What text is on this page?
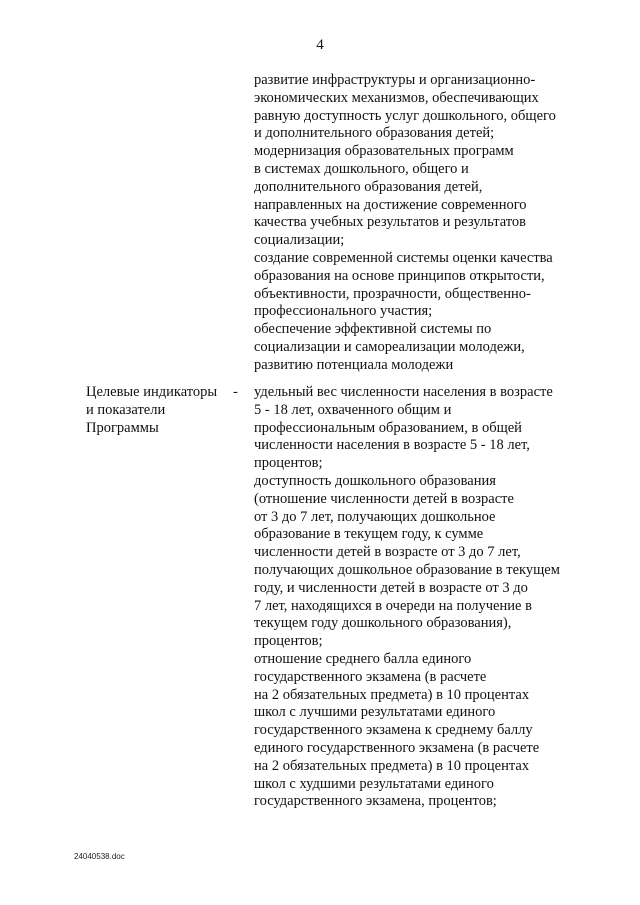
4
развитие инфраструктуры и организационно-
экономических механизмов, обеспечивающих
равную доступность услуг дошкольного, общего
и дополнительного образования детей;
модернизация образовательных программ
в системах дошкольного, общего и
дополнительного образования детей,
направленных на достижение современного
качества учебных результатов и результатов
социализации;
создание современной системы оценки качества
образования на основе принципов открытости,
объективности, прозрачности, общественно-
профессионального участия;
обеспечение эффективной системы по
социализации и самореализации молодежи,
развитию потенциала молодежи
Целевые индикаторы
и показатели
Программы
- удельный вес численности населения в возрасте
5 - 18 лет, охваченного общим и
профессиональным образованием, в общей
численности населения в возрасте 5 - 18 лет,
процентов;
доступность дошкольного образования
(отношение численности детей в возрасте
от 3 до 7 лет, получающих дошкольное
образование в текущем году, к сумме
численности детей в возрасте от 3 до 7 лет,
получающих дошкольное образование в текущем
году, и численности детей в возрасте от 3 до
7 лет, находящихся в очереди на получение в
текущем году дошкольного образования),
процентов;
отношение среднего балла единого
государственного экзамена (в расчете
на 2 обязательных предмета) в 10 процентах
школ с лучшими результатами единого
государственного экзамена к среднему баллу
единого государственного экзамена (в расчете
на 2 обязательных предмета) в 10 процентах
школ с худшими результатами единого
государственного экзамена, процентов;
24040538.doc
